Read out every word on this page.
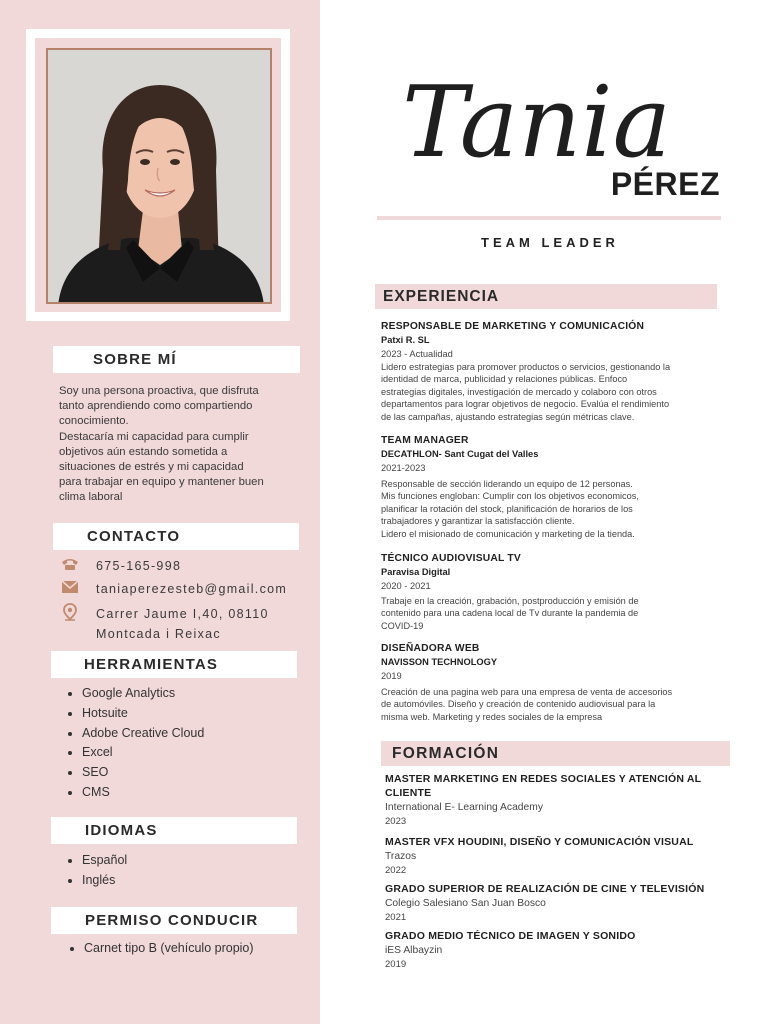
SOBRE MÍ
Soy una persona proactiva, que disfruta
tanto aprendiendo como compartiendo
conocimiento.
Destacaría mi capacidad para cumplir
objetivos aún estando sometida a
situaciones de estrés y mi capacidad
para trabajar en equipo y mantener buen
clima laboral
CONTACTO
675-165-998
taniaperezesteb@gmail.com
Carrer Jaume I,40, 08110
Montcada i Reixac
HERRAMIENTAS
Google Analytics
Hotsuite
Adobe Creative Cloud
Excel
SEO
CMS
IDIOMAS
Español
Inglés
PERMISO CONDUCIR
Carnet tipo B (vehículo propio)
Tania
PÉREZ
TEAM LEADER
EXPERIENCIA
RESPONSABLE DE MARKETING Y COMUNICACIÓN
Patxi R. SL
2023 - Actualidad
Lidero estrategias para promover productos o servicios, gestionando la
identidad de marca, publicidad y relaciones públicas. Enfoco
estrategias digitales, investigación de mercado y colaboro con otros
departamentos para lograr objetivos de negocio. Evalúa el rendimiento
de las campañas, ajustando estrategias según métricas clave.
TEAM MANAGER
DECATHLON- Sant Cugat del Valles
2021-2023
Responsable de sección liderando un equipo de 12 personas.
Mis funciones engloban: Cumplir con los objetivos economicos,
planificar la rotación del stock, planificación de horarios de los
trabajadores y garantizar la satisfacción cliente.
Lidero el misionado de comunicación y marketing de la tienda.
TÉCNICO AUDIOVISUAL TV
Paravisa Digital
2020 - 2021
Trabaje en la creación, grabación, postproducción y emisión de
contenido para una cadena local de Tv durante la pandemia de
COVID-19
DISEÑADORA WEB
NAVISSON TECHNOLOGY
2019
Creación de una pagina web para una empresa de venta de accesorios
de automóviles. Diseño y creación de contenido audiovisual para la
misma web. Marketing y redes sociales de la empresa
FORMACIÓN
MASTER MARKETING EN REDES SOCIALES Y ATENCIÓN AL
CLIENTE
International E- Learning Academy
2023
MASTER VFX HOUDINI, DISEÑO Y COMUNICACIÓN VISUAL
Trazos
2022
GRADO SUPERIOR DE REALIZACIÓN DE CINE Y TELEVISIÓN
Colegio Salesiano San Juan Bosco
2021
GRADO MEDIO TÉCNICO DE IMAGEN Y SONIDO
iES Albayzin
2019
